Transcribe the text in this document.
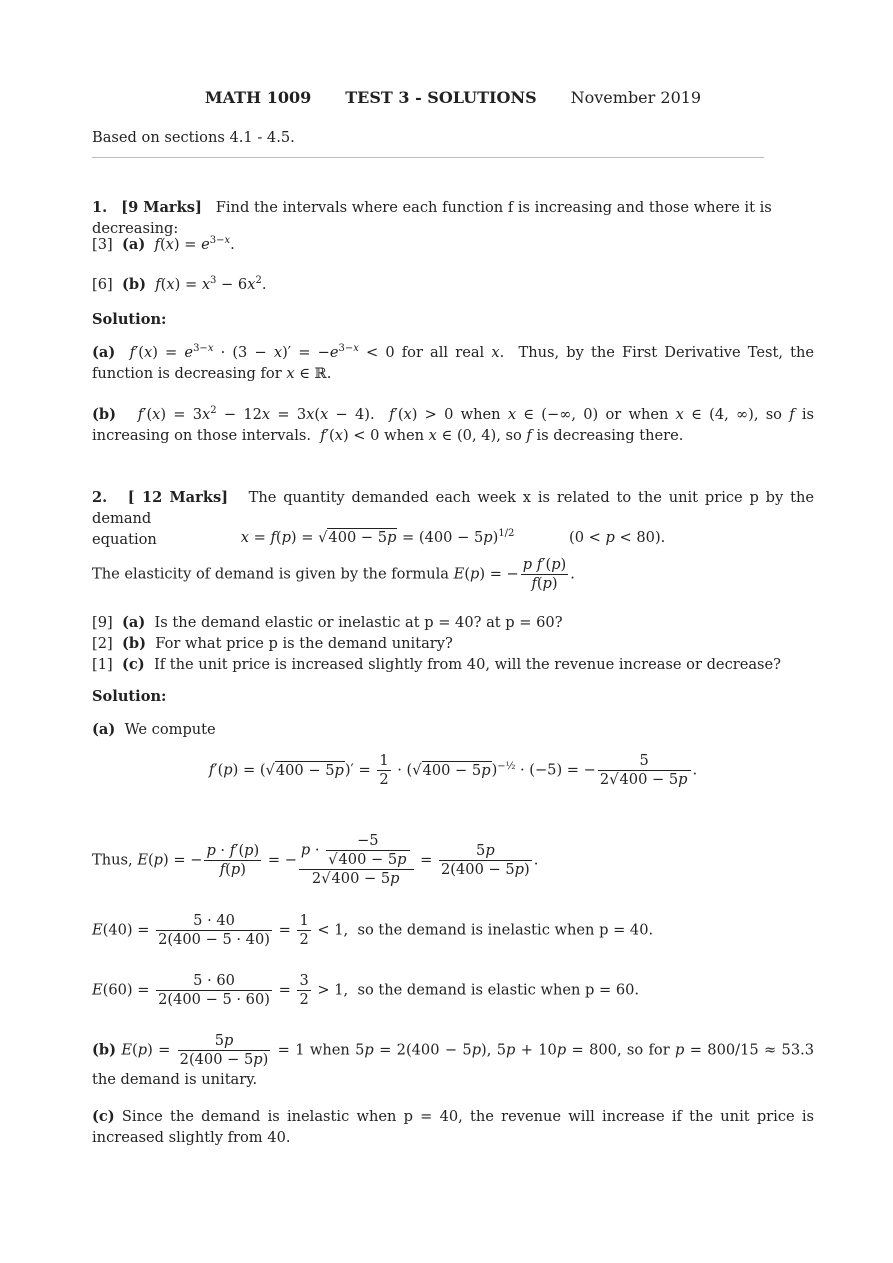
MATH 1009 TEST 3 - SOLUTIONS November 2019
Based on sections 4.1 - 4.5.
1. [9 Marks] Find the intervals where each function f is increasing and those where it is decreasing:
[3] (a) $f(x) = e^{3-x}$.
[6] (b) $f(x) = x^3 - 6x^2$.
Solution:
(a) $f'(x) = e^{3-x} \cdot (3 - x)' = -e^{3-x} < 0$ for all real x.  Thus, by the First Derivative Test, the function is decreasing for x ∈ ℝ.
(b) $f'(x) = 3x^2 - 12x = 3x(x - 4)$.  f′(x) > 0 when x ∈ (−∞, 0) or when x ∈ (4, ∞), so f is increasing on those intervals.  f′(x) < 0 when x ∈ (0, 4), so f is decreasing there.
2. [ 12 Marks] The quantity demanded each week x is related to the unit price p by the demand
equation	$x = f(p) = √400 - 5p = (400 - 5p)^{1/2}$	(0 < p < 80).
The elasticity of demand is given by the formula E(p) = − $\frac{\text{p f′(p)}}{f(p)}$ .
[9] (a) Is the demand elastic or inelastic at p = 40? at p = 60?
[2] (b) For what price p is the demand unitary?
[1] (c) If the unit price is increased slightly from 40, will the revenue increase or decrease?
Solution:
(a) We compute
$f'(p) = (√400 - 5p)' = \frac{1}{2} \cdot (√400 - 5p)^{-\frac{1}{2}} \cdot (-5)$ = − $\frac{5}{2√400 - 5p}$ .
Thus, E(p) = − $\frac{p \cdot f'(p)}{f(p)}$ = − $\frac{p \cdot \frac{-5}{√400 - 5p}}{2√400 - 5p} = \frac{5p}{2(400 - 5p)}$ .
$E(40) = \frac{5 \cdot 40}{2(400 - 5 \cdot 40)} = \frac{1}{2} < 1$,  so the demand is inelastic when p = 40.
$E(60) = \frac{5 \cdot 60}{2(400 - 5 \cdot 60)} = \frac{3}{2} > 1$,  so the demand is elastic when p = 60.
(b) $E(p) = \frac{5p}{2(400 - 5p)} = 1$ when 5p = 2(400 − 5p), 5p + 10p = 800, so for p = 800/15 ≈ 53.3 the demand is unitary.
(c) Since the demand is inelastic when p = 40, the revenue will increase if the unit price is increased slightly from 40.
